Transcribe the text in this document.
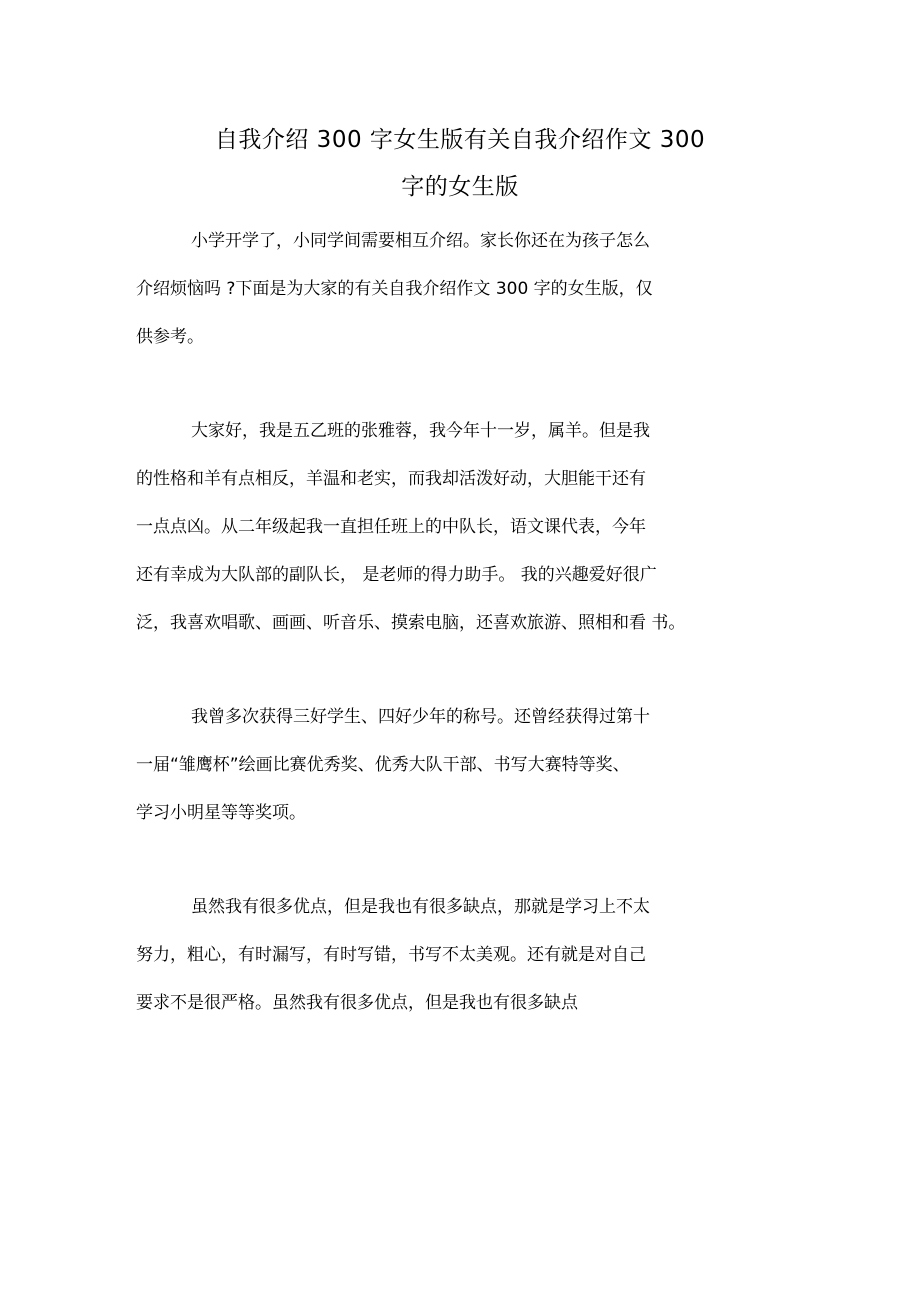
自我介绍 300 字女生版有关自我介绍作文 300
字的女生版
小学开学了，小同学间需要相互介绍。家长你还在为孩子怎么
介绍烦恼吗 ?下面是为大家的有关自我介绍作文 300 字的女生版，仅
供参考。
大家好，我是五乙班的张雅蓉，我今年十一岁，属羊。但是我
的性格和羊有点相反，羊温和老实，而我却活泼好动，大胆能干还有
一点点凶。从二年级起我一直担任班上的中队长，语文课代表，今年
还有幸成为大队部的副队长， 是老师的得力助手。 我的兴趣爱好很广
泛，我喜欢唱歌、画画、听音乐、摸索电脑，还喜欢旅游、照相和看 书。
我曾多次获得三好学生、四好少年的称号。还曾经获得过第十
一届“雏鹰杯”绘画比赛优秀奖、优秀大队干部、书写大赛特等奖、
学习小明星等等奖项。
虽然我有很多优点，但是我也有很多缺点，那就是学习上不太
努力，粗心，有时漏写，有时写错，书写不太美观。还有就是对自己
要求不是很严格。虽然我有很多优点，但是我也有很多缺点
